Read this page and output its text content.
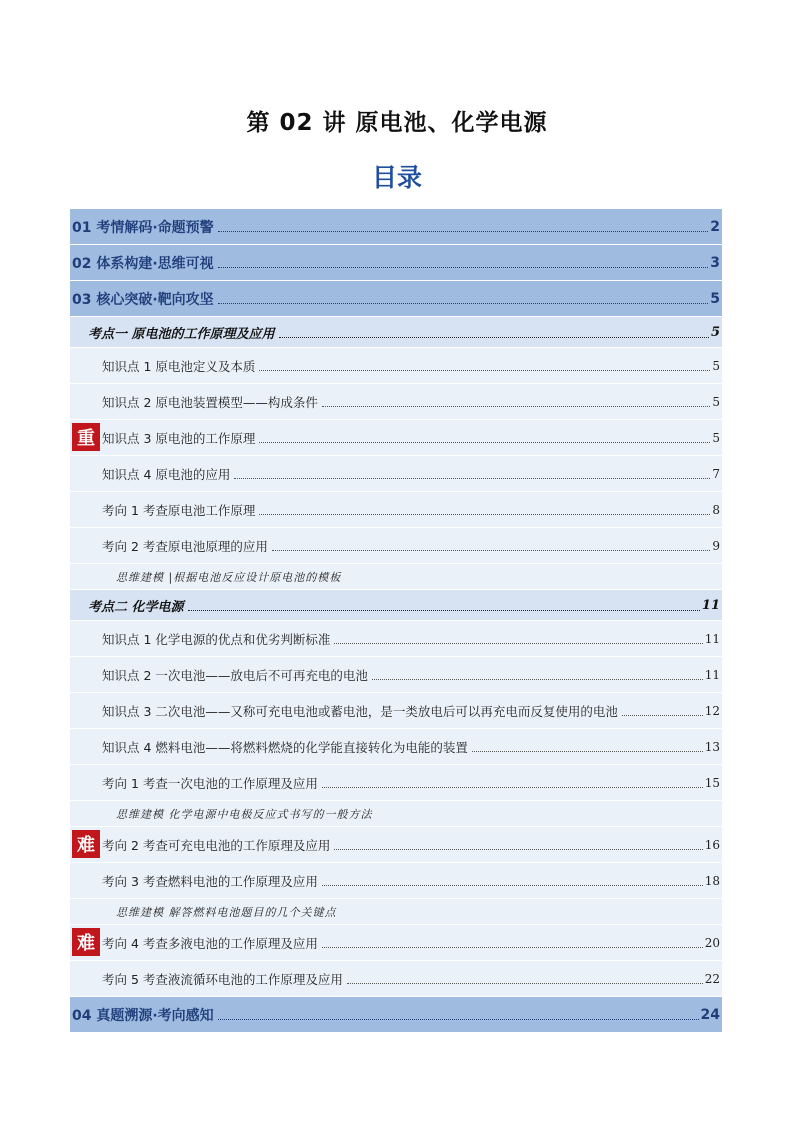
第 02 讲 原电池、化学电源
目录
01 考情解码·命题预警	2
02 体系构建·思维可视	3
03 核心突破·靶向攻坚	5
考点一 原电池的工作原理及应用	5
知识点 1 原电池定义及本质	5
知识点 2 原电池装置模型——构成条件	5
重 知识点 3 原电池的工作原理	5
知识点 4 原电池的应用	7
考向 1 考查原电池工作原理	8
考向 2 考查原电池原理的应用	9
思维建模 |根据电池反应设计原电池的模板
考点二 化学电源	11
知识点 1 化学电源的优点和优劣判断标准	11
知识点 2 一次电池——放电后不可再充电的电池	11
知识点 3 二次电池——又称可充电电池或蓄电池，是一类放电后可以再充电而反复使用的电池	12
知识点 4 燃料电池——将燃料燃烧的化学能直接转化为电能的装置	13
考向 1 考查一次电池的工作原理及应用	15
思维建模 化学电源中电极反应式书写的一般方法
难 考向 2 考查可充电电池的工作原理及应用	16
考向 3 考查燃料电池的工作原理及应用	18
思维建模 解答燃料电池题目的几个关键点
难 考向 4 考查多液电池的工作原理及应用	20
考向 5 考查液流循环电池的工作原理及应用	22
04 真题溯源·考向感知	24
